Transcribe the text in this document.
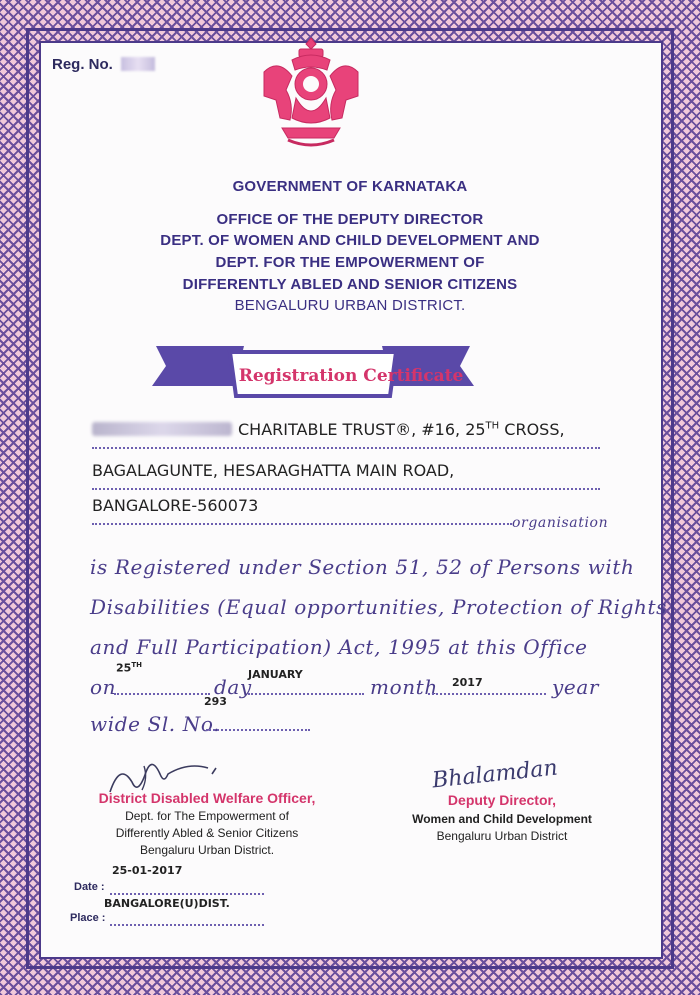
Reg. No.
GOVERNMENT OF KARNATAKA
OFFICE OF THE DEPUTY DIRECTOR
DEPT. OF WOMEN AND CHILD DEVELOPMENT AND
DEPT. FOR THE EMPOWERMENT OF
DIFFERENTLY ABLED AND SENIOR CITIZENS
BENGALURU URBAN DISTRICT.
Registration Certificate
CHARITABLE TRUST®, #16, 25TH CROSS,
BAGALAGUNTE, HESARAGHATTA MAIN ROAD,
BANGALORE-560073
organisation
is Registered under Section 51, 52 of Persons with
Disabilities (Equal opportunities, Protection of Rights
and Full Participation) Act, 1995 at this Office
on
25TH
day
JANUARY
month 2017	year
wide Sl. No.
293
District Disabled Welfare Officer,
Dept. for The Empowerment of
Differently Abled & Senior Citizens
Bengaluru Urban District.
Bhalamdan
Deputy Director,
Women and Child Development
Bengaluru Urban District
25-01-2017
Date :
BANGALORE(U)DIST.
Place :
